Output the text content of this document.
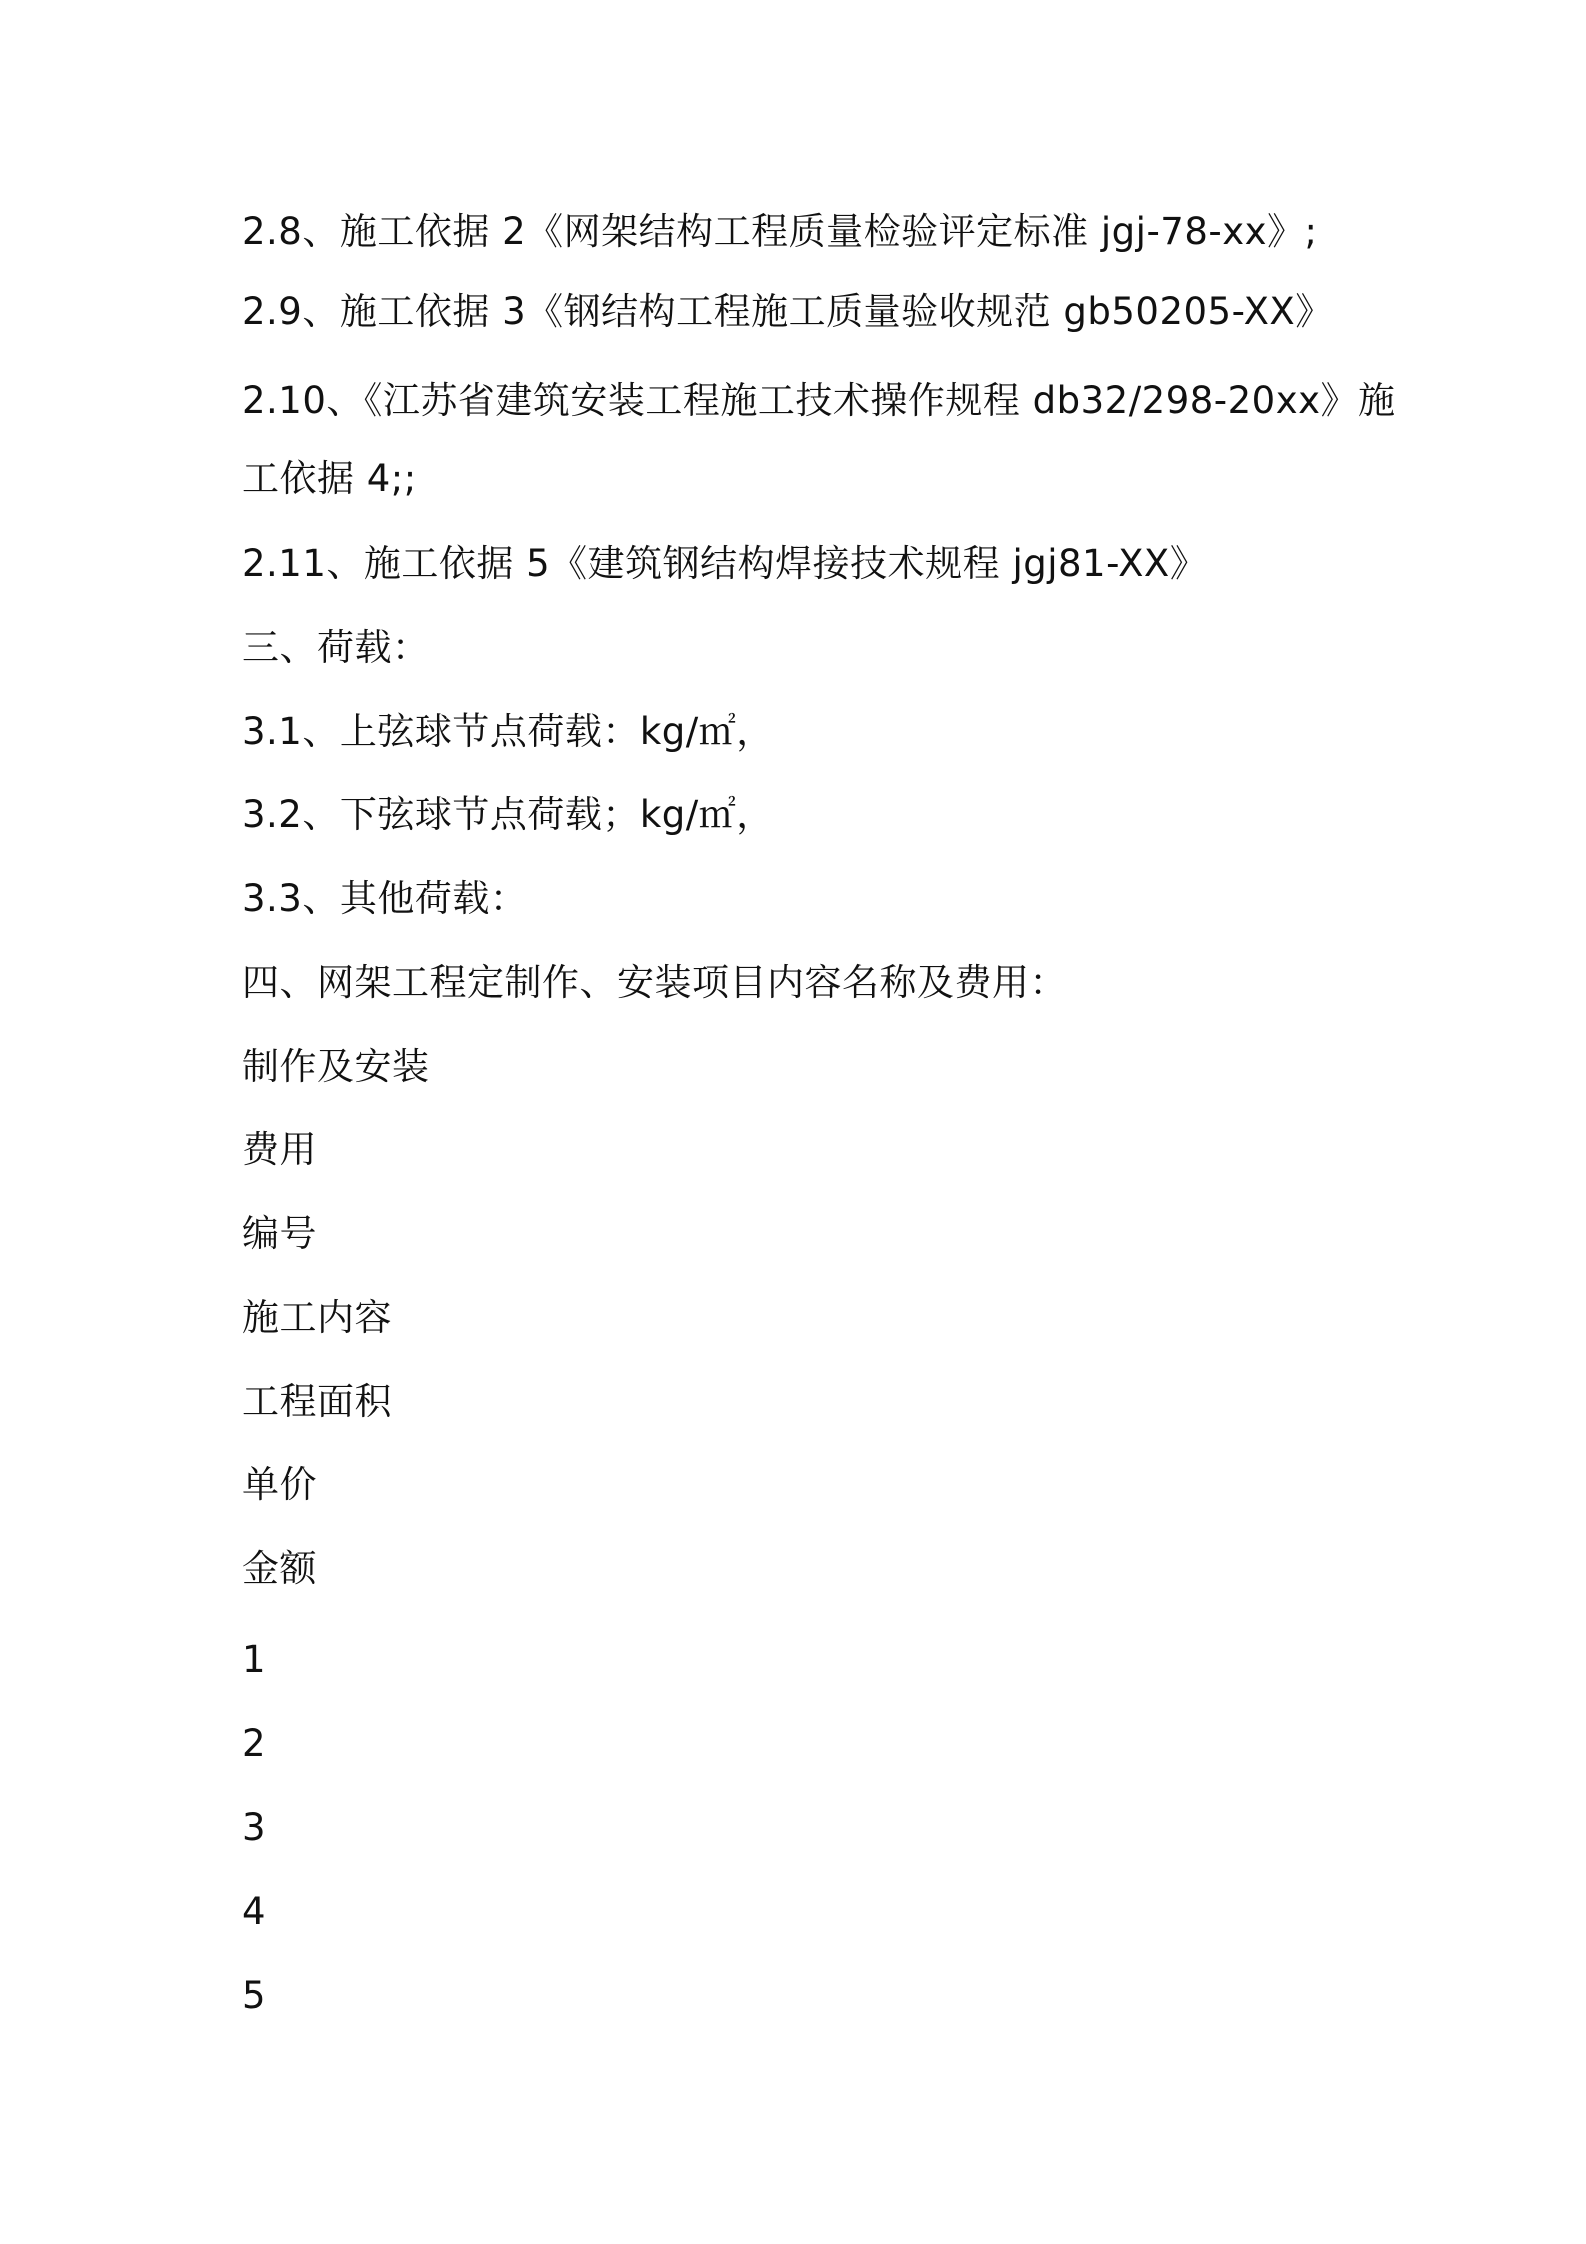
2.8、施工依据 2《网架结构工程质量检验评定标准 jgj-78-xx》;
2.9、施工依据 3《钢结构工程施工质量验收规范 gb50205-XX》
2.10、《江苏省建筑安装工程施工技术操作规程 db32/298-20xx》施
工依据 4;;
2.11、施工依据 5《建筑钢结构焊接技术规程 jgj81-XX》
三、荷载：
3.1、上弦球节点荷载：kg/㎡，
3.2、下弦球节点荷载；kg/㎡，
3.3、其他荷载：
四、网架工程定制作、安装项目内容名称及费用：
制作及安装
费用
编号
施工内容
工程面积
单价
金额
1
2
3
4
5
